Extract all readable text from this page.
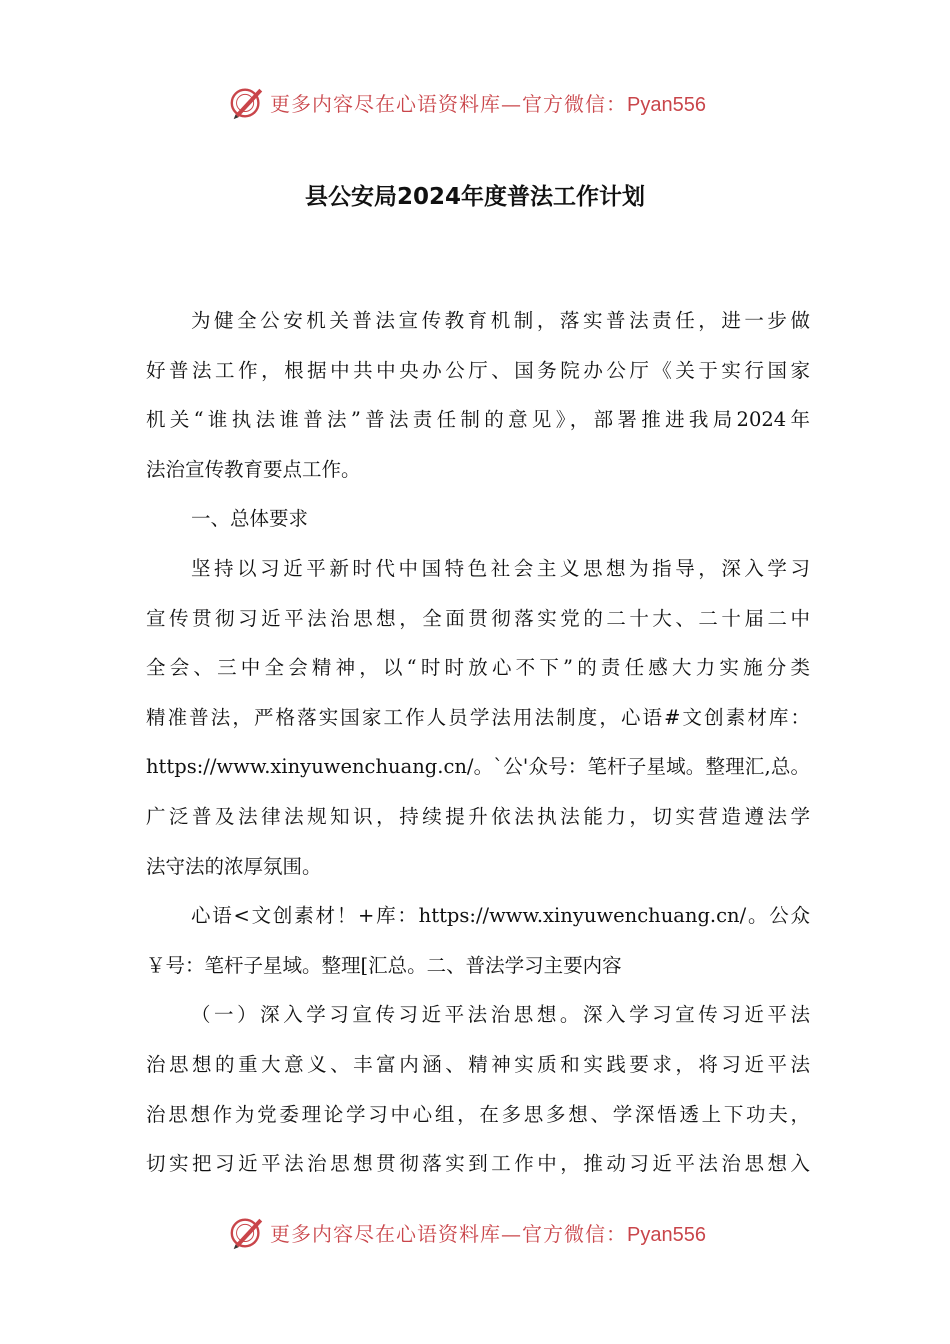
更多内容尽在心语资料库—官方微信：Pyan556
县公安局2024年度普法工作计划
为健全公安机关普法宣传教育机制，落实普法责任，进一步做
好普法工作，根据中共中央办公厅、国务院办公厅《关于实行国家
机关“谁执法谁普法”普法责任制的意见》，部署推进我局2024年
法治宣传教育要点工作。
一、总体要求
坚持以习近平新时代中国特色社会主义思想为指导，深入学习
宣传贯彻习近平法治思想，全面贯彻落实党的二十大、二十届二中
全会、三中全会精神，以“时时放心不下”的责任感大力实施分类
精准普法，严格落实国家工作人员学法用法制度，心语#文创素材库：
https://www.xinyuwenchuang.cn/。`公'众号：笔杆子星域。整理汇,总。
广泛普及法律法规知识，持续提升依法执法能力，切实营造遵法学
法守法的浓厚氛围。
心语<文创素材！+库：https://www.xinyuwenchuang.cn/。公众
￥号：笔杆子星域。整理[汇总。二、普法学习主要内容
（一）深入学习宣传习近平法治思想。深入学习宣传习近平法
治思想的重大意义、丰富内涵、精神实质和实践要求，将习近平法
治思想作为党委理论学习中心组，在多思多想、学深悟透上下功夫，
切实把习近平法治思想贯彻落实到工作中，推动习近平法治思想入
更多内容尽在心语资料库—官方微信：Pyan556
